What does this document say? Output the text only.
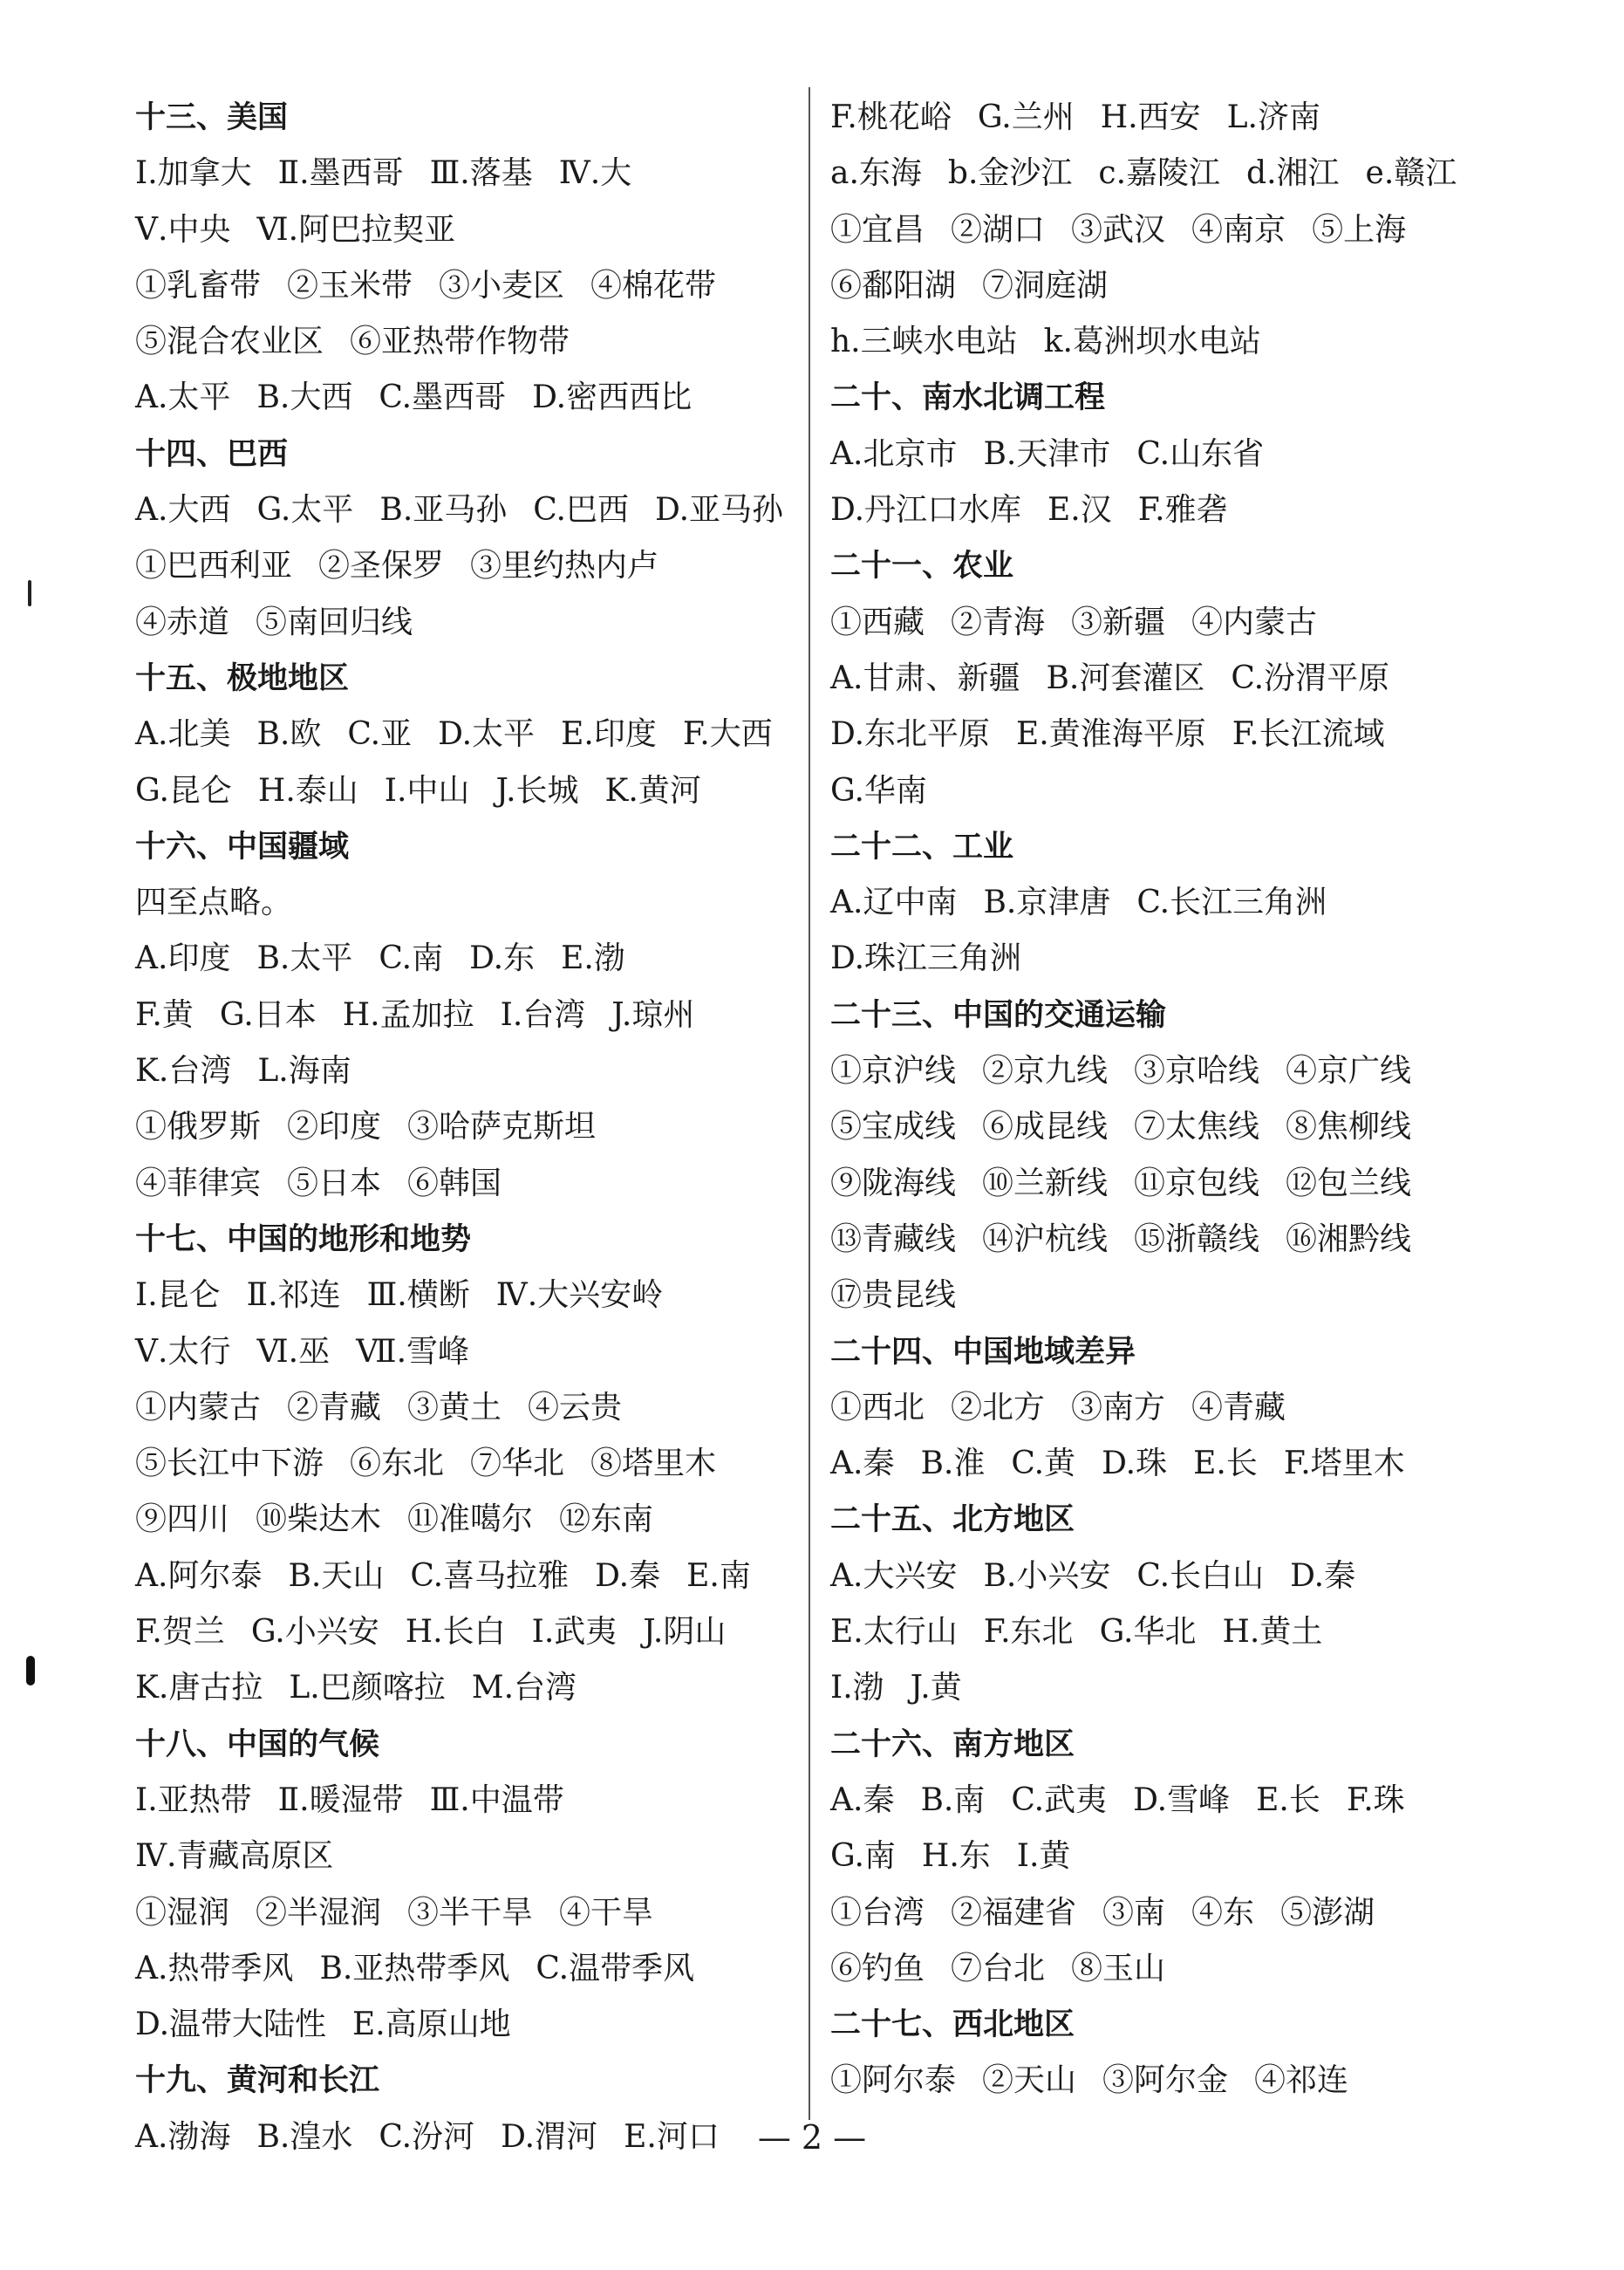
十三、美国
Ⅰ.加拿大 Ⅱ.墨西哥 Ⅲ.落基 Ⅳ.大
Ⅴ.中央 Ⅵ.阿巴拉契亚
①乳畜带 ②玉米带 ③小麦区 ④棉花带
⑤混合农业区 ⑥亚热带作物带
A.太平 B.大西 C.墨西哥 D.密西西比
十四、巴西
A.大西 G.太平 B.亚马孙 C.巴西 D.亚马孙
①巴西利亚 ②圣保罗 ③里约热内卢
④赤道 ⑤南回归线
十五、极地地区
A.北美 B.欧 C.亚 D.太平 E.印度 F.大西
G.昆仑 H.泰山 I.中山 J.长城 K.黄河
十六、中国疆域
四至点略。
A.印度 B.太平 C.南 D.东 E.渤
F.黄 G.日本 H.孟加拉 I.台湾 J.琼州
K.台湾 L.海南
①俄罗斯 ②印度 ③哈萨克斯坦
④菲律宾 ⑤日本 ⑥韩国
十七、中国的地形和地势
Ⅰ.昆仑 Ⅱ.祁连 Ⅲ.横断 Ⅳ.大兴安岭
Ⅴ.太行 Ⅵ.巫 Ⅶ.雪峰
①内蒙古 ②青藏 ③黄土 ④云贵
⑤长江中下游 ⑥东北 ⑦华北 ⑧塔里木
⑨四川 ⑩柴达木 ⑪准噶尔 ⑫东南
A.阿尔泰 B.天山 C.喜马拉雅 D.秦 E.南
F.贺兰 G.小兴安 H.长白 I.武夷 J.阴山
K.唐古拉 L.巴颜喀拉 M.台湾
十八、中国的气候
Ⅰ.亚热带 Ⅱ.暖湿带 Ⅲ.中温带
Ⅳ.青藏高原区
①湿润 ②半湿润 ③半干旱 ④干旱
A.热带季风 B.亚热带季风 C.温带季风
D.温带大陆性 E.高原山地
十九、黄河和长江
A.渤海 B.湟水 C.汾河 D.渭河 E.河口
F.桃花峪 G.兰州 H.西安 L.济南
a.东海 b.金沙江 c.嘉陵江 d.湘江 e.赣江
①宜昌 ②湖口 ③武汉 ④南京 ⑤上海
⑥鄱阳湖 ⑦洞庭湖
h.三峡水电站 k.葛洲坝水电站
二十、南水北调工程
A.北京市 B.天津市 C.山东省
D.丹江口水库 E.汉 F.雅砻
二十一、农业
①西藏 ②青海 ③新疆 ④内蒙古
A.甘肃、新疆 B.河套灌区 C.汾渭平原
D.东北平原 E.黄淮海平原 F.长江流域
G.华南
二十二、工业
A.辽中南 B.京津唐 C.长江三角洲
D.珠江三角洲
二十三、中国的交通运输
①京沪线 ②京九线 ③京哈线 ④京广线
⑤宝成线 ⑥成昆线 ⑦太焦线 ⑧焦柳线
⑨陇海线 ⑩兰新线 ⑪京包线 ⑫包兰线
⑬青藏线 ⑭沪杭线 ⑮浙赣线 ⑯湘黔线
⑰贵昆线
二十四、中国地域差异
①西北 ②北方 ③南方 ④青藏
A.秦 B.淮 C.黄 D.珠 E.长 F.塔里木
二十五、北方地区
A.大兴安 B.小兴安 C.长白山 D.秦
E.太行山 F.东北 G.华北 H.黄土
I.渤 J.黄
二十六、南方地区
A.秦 B.南 C.武夷 D.雪峰 E.长 F.珠
G.南 H.东 I.黄
①台湾 ②福建省 ③南 ④东 ⑤澎湖
⑥钓鱼 ⑦台北 ⑧玉山
二十七、西北地区
①阿尔泰 ②天山 ③阿尔金 ④祁连
— 2 —
